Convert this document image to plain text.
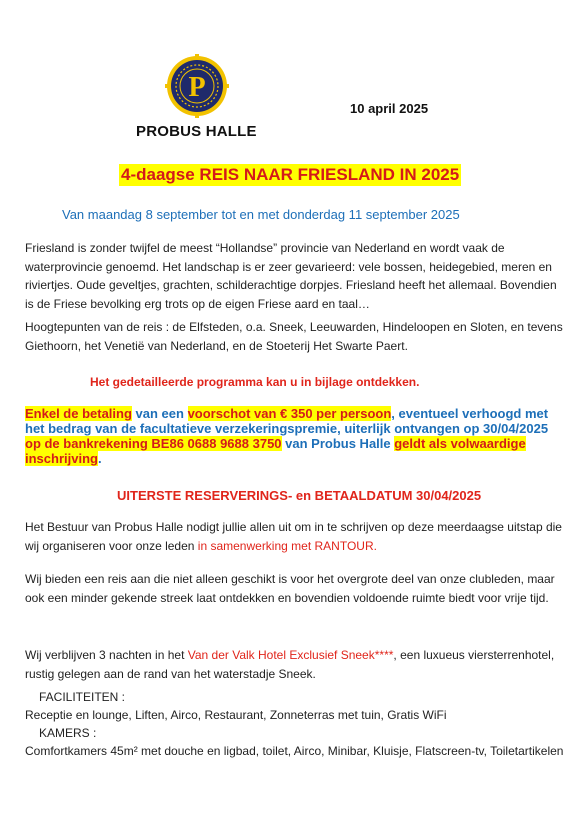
P
PROBUS HALLE
10 april 2025
4-daagse REIS NAAR FRIESLAND IN 2025
Van maandag 8 september tot en met donderdag 11 september 2025
Friesland is zonder twijfel de meest “Hollandse” provincie van Nederland en wordt vaak de waterprovincie genoemd. Het landschap is er zeer gevarieerd: vele bossen, heidegebied, meren en riviertjes. Oude geveltjes, grachten, schilderachtige dorpjes. Friesland heeft het allemaal. Bovendien is de Friese bevolking erg trots op de eigen Friese aard en taal…
Hoogtepunten van de reis : de Elfsteden, o.a. Sneek, Leeuwarden, Hindeloopen en Sloten, en tevens Giethoorn, het Venetië van Nederland, en de Stoeterij Het Swarte Paert.
Het gedetailleerde programma kan u in bijlage ontdekken.
Enkel de betaling van een voorschot van € 350 per persoon, eventueel verhoogd met het bedrag van de facultatieve verzekeringspremie, uiterlijk ontvangen op 30/04/2025 op de bankrekening BE86 0688 9688 3750 van Probus Halle geldt als volwaardige inschrijving.
UITERSTE RESERVERINGS- en BETAALDATUM 30/04/2025
Het Bestuur van Probus Halle nodigt jullie allen uit om in te schrijven op deze meerdaagse uitstap die wij organiseren voor onze leden in samenwerking met RANTOUR.
Wij bieden een reis aan die niet alleen geschikt is voor het overgrote deel van onze clubleden, maar ook een minder gekende streek laat ontdekken en bovendien voldoende ruimte biedt voor vrije tijd.
Wij verblijven 3 nachten in het Van der Valk Hotel Exclusief Sneek****, een luxueus viersterrenhotel, rustig gelegen aan de rand van het waterstadje Sneek.
FACILITEITEN :
Receptie en lounge, Liften, Airco, Restaurant, Zonneterras met tuin, Gratis WiFi
KAMERS :
Comfortkamers 45m² met douche en ligbad, toilet, Airco, Minibar, Kluisje, Flatscreen-tv, Toiletartikelen
